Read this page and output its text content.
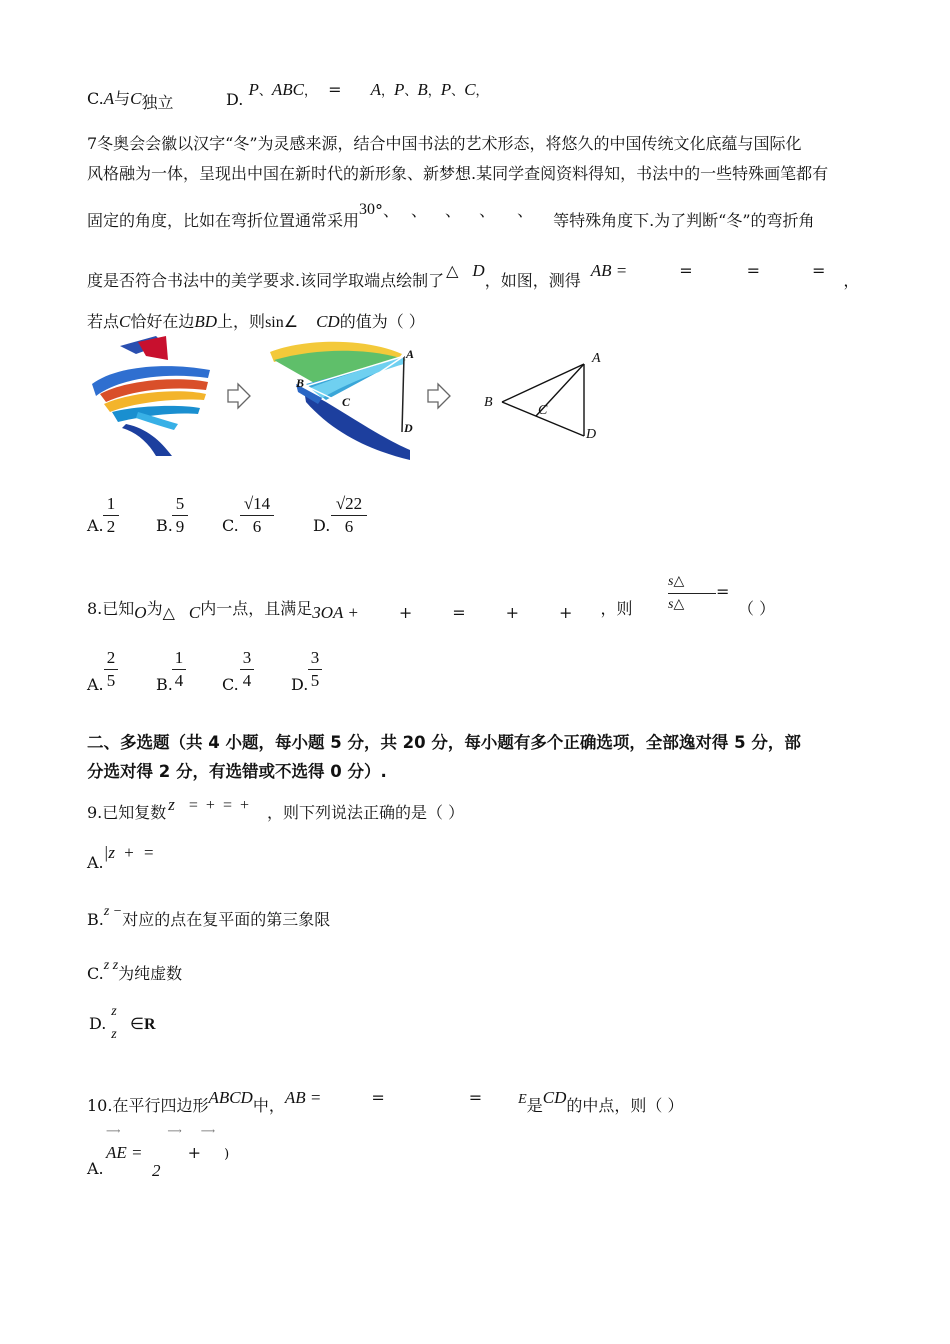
C.A与C独立	D. P、ABC， = A，P、B，P、C，
7冬奥会会徽以汉字“冬”为灵感来源，结合中国书法的艺术形态，将悠久的中国传统文化底蕴与国际化
风格融为一体，呈现出中国在新时代的新形象、新梦想.某同学查阅资料得知，书法中的一些特殊画笔都有
固定的角度，比如在弯折位置通常采用30°、 、 、 、 、等特殊角度下.为了判断“冬”的弯折角
度是否符合书法中的美学要求.该同学取端点绘制了△ D，如图，测得AB =	=	=	=，
若点C恰好在边BD上，则sin∠ CD的值为（ ）
A
B
C
D
A
B
C
D
A.
1
2	B.
5
9 C.
√14
6	D.
√22
6
8.已知O为△ C内一点，且满足3OA +	+	=	+	+ ，则
s△
s△
=
（ ）
A.
2
5	B.
1
4 C.
3
4 D.
3
5
二、多选题（共 4 小题，每小题 5 分，共 20 分，每小题有多个正确选项，全部逸对得 5 分，部
分选对得 2 分，有选错或不选得 0 分）.
9.已知复数 z = + = + ，则下列说法正确的是（ ）
A.|z + =
B.z −对应的点在复平面的第三象限
C.z z为纯虚数
D.
z
z
∈R
10.在平行四边形ABCD中，AB =	=	=	E是CD的中点，则（ ）
A.
⟶	⟶ ⟶
AE =	+ )
2
